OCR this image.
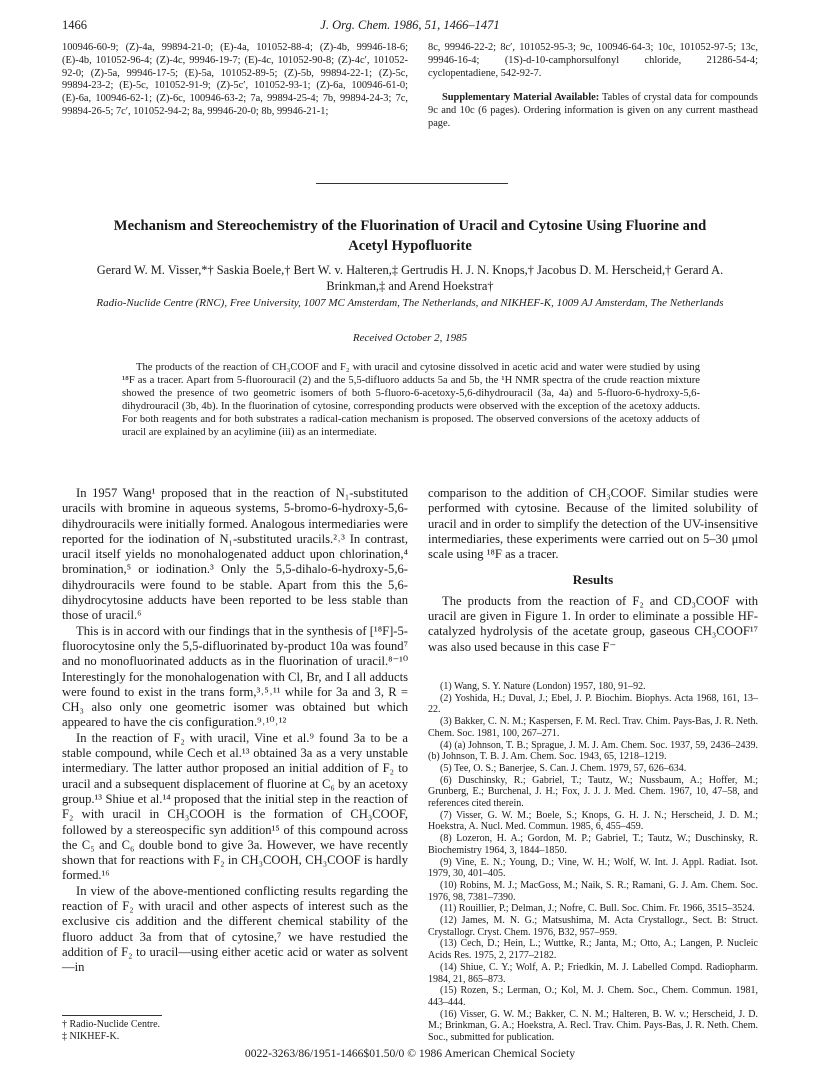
1466	J. Org. Chem. 1986, 51, 1466–1471

100946-60-9; (Z)-4a, 99894-21-0; (E)-4a, 101052-88-4; (Z)-4b, 99946-18-6; (E)-4b, 101052-96-4; (Z)-4c, 99946-19-7; (E)-4c, 101052-90-8; (Z)-4c′, 101052-92-0; (Z)-5a, 99946-17-5; (E)-5a, 101052-89-5; (Z)-5b, 99894-22-1; (Z)-5c, 99894-23-2; (E)-5c, 101052-91-9; (Z)-5c′, 101052-93-1; (Z)-6a, 100946-61-0; (E)-6a, 100946-62-1; (Z)-6c, 100946-63-2; 7a, 99894-25-4; 7b, 99894-24-3; 7c, 99894-26-5; 7c′, 101052-94-2; 8a, 99946-20-0; 8b, 99946-21-1;

8c, 99946-22-2; 8c′, 101052-95-3; 9c, 100946-64-3; 10c, 101052-97-5; 13c, 99946-16-4; (1S)-d-10-camphorsulfonyl chloride, 21286-54-4; cyclopentadiene, 542-92-7.

Supplementary Material Available: Tables of crystal data for compounds 9c and 10c (6 pages). Ordering information is given on any current masthead page.

Mechanism and Stereochemistry of the Fluorination of Uracil and Cytosine Using Fluorine and Acetyl Hypofluorite
Gerard W. M. Visser,*† Saskia Boele,† Bert W. v. Halteren,‡ Gertrudis H. J. N. Knops,† Jacobus D. M. Herscheid,† Gerard A. Brinkman,‡ and Arend Hoekstra†
Radio-Nuclide Centre (RNC), Free University, 1007 MC Amsterdam, The Netherlands, and NIKHEF-K, 1009 AJ Amsterdam, The Netherlands
Received October 2, 1985
The products of the reaction of CH₃COOF and F₂ with uracil and cytosine dissolved in acetic acid and water were studied by using ¹⁸F as a tracer. Apart from 5-fluorouracil (2) and the 5,5-difluoro adducts 5a and 5b, the ¹H NMR spectra of the crude reaction mixture showed the presence of two geometric isomers of both 5-fluoro-6-acetoxy-5,6-dihydrouracil (3a, 4a) and 5-fluoro-6-hydroxy-5,6-dihydrouracil (3b, 4b). In the fluorination of cytosine, corresponding products were observed with the exception of the acetoxy adducts. For both reagents and for both substrates a radical-cation mechanism is proposed. The observed conversions of the acetoxy adducts of uracil are explained by an acylimine (iii) as an intermediate.

In 1957 Wang¹ proposed that in the reaction of N₁-substituted uracils with bromine in aqueous systems, 5-bromo-6-hydroxy-5,6-dihydrouracils were initially formed. Analogous intermediaries were reported for the iodination of N₁-substituted uracils.²˒³ In contrast, uracil itself yields no monohalogenated adduct upon chlorination,⁴ bromination,⁵ or iodination.³ Only the 5,5-dihalo-6-hydroxy-5,6-dihydrouracils were found to be stable. Apart from this the 5,6-dihydrocytosine adducts have been reported to be less stable than those of uracil.⁶

This is in accord with our findings that in the synthesis of [¹⁸F]-5-fluorocytosine only the 5,5-difluorinated by-product 10a was found⁷ and no monofluorinated adducts as in the fluorination of uracil.⁸⁻¹⁰ Interestingly for the monohalogenation with Cl, Br, and I all adducts were found to exist in the trans form,³˒⁵˒¹¹ while for 3a and 3, R = CH₃ also only one geometric isomer was obtained but which appeared to have the cis configuration.⁹˒¹⁰˒¹²

In the reaction of F₂ with uracil, Vine et al.⁹ found 3a to be a stable compound, while Cech et al.¹³ obtained 3a as a very unstable intermediary. The latter author proposed an initial addition of F₂ to uracil and a subsequent displacement of fluorine at C₆ by an acetoxy group.¹³ Shiue et al.¹⁴ proposed that the initial step in the reaction of F₂ with uracil in CH₃COOH is the formation of CH₃COOF, followed by a stereospecific syn addition¹⁵ of this compound across the C₅ and C₆ double bond to give 3a. However, we have recently shown that for reactions with F₂ in CH₃COOH, CH₃COOF is hardly formed.¹⁶

In view of the above-mentioned conflicting results regarding the reaction of F₂ with uracil and other aspects of interest such as the exclusive cis addition and the different chemical stability of the fluoro adduct 3a from that of cytosine,⁷ we have restudied the addition of F₂ to uracil—using either acetic acid or water as solvent—in

comparison to the addition of CH₃COOF. Similar studies were performed with cytosine. Because of the limited solubility of uracil and in order to simplify the detection of the UV-insensitive intermediaries, these experiments were carried out on 5–30 μmol scale using ¹⁸F as a tracer.

Results

The products from the reaction of F₂ and CD₃COOF with uracil are given in Figure 1. In order to eliminate a possible HF-catalyzed hydrolysis of the acetate group, gaseous CH₃COOF¹⁷ was also used because in this case F⁻

(1) Wang, S. Y. Nature (London) 1957, 180, 91–92.

(2) Yoshida, H.; Duval, J.; Ebel, J. P. Biochim. Biophys. Acta 1968, 161, 13–22.

(3) Bakker, C. N. M.; Kaspersen, F. M. Recl. Trav. Chim. Pays-Bas, J. R. Neth. Chem. Soc. 1981, 100, 267–271.

(4) (a) Johnson, T. B.; Sprague, J. M. J. Am. Chem. Soc. 1937, 59, 2436–2439. (b) Johnson, T. B. J. Am. Chem. Soc. 1943, 65, 1218–1219.

(5) Tee, O. S.; Banerjee, S. Can. J. Chem. 1979, 57, 626–634.

(6) Duschinsky, R.; Gabriel, T.; Tautz, W.; Nussbaum, A.; Hoffer, M.; Grunberg, E.; Burchenal, J. H.; Fox, J. J. J. Med. Chem. 1967, 10, 47–58, and references cited therein.

(7) Visser, G. W. M.; Boele, S.; Knops, G. H. J. N.; Herscheid, J. D. M.; Hoekstra, A. Nucl. Med. Commun. 1985, 6, 455–459.

(8) Lozeron, H. A.; Gordon, M. P.; Gabriel, T.; Tautz, W.; Duschinsky, R. Biochemistry 1964, 3, 1844–1850.

(9) Vine, E. N.; Young, D.; Vine, W. H.; Wolf, W. Int. J. Appl. Radiat. Isot. 1979, 30, 401–405.

(10) Robins, M. J.; MacGoss, M.; Naik, S. R.; Ramani, G. J. Am. Chem. Soc. 1976, 98, 7381–7390.

(11) Rouillier, P.; Delman, J.; Nofre, C. Bull. Soc. Chim. Fr. 1966, 3515–3524.

(12) James, M. N. G.; Matsushima, M. Acta Crystallogr., Sect. B: Struct. Crystallogr. Cryst. Chem. 1976, B32, 957–959.

(13) Cech, D.; Hein, L.; Wuttke, R.; Janta, M.; Otto, A.; Langen, P. Nucleic Acids Res. 1975, 2, 2177–2182.

(14) Shiue, C. Y.; Wolf, A. P.; Friedkin, M. J. Labelled Compd. Radiopharm. 1984, 21, 865–873.

(15) Rozen, S.; Lerman, O.; Kol, M. J. Chem. Soc., Chem. Commun. 1981, 443–444.

(16) Visser, G. W. M.; Bakker, C. N. M.; Halteren, B. W. v.; Herscheid, J. D. M.; Brinkman, G. A.; Hoekstra, A. Recl. Trav. Chim. Pays-Bas, J. R. Neth. Chem. Soc., submitted for publication.

† Radio-Nuclide Centre.
‡ NIKHEF-K.
0022-3263/86/1951-1466$01.50/0 © 1986 American Chemical Society
